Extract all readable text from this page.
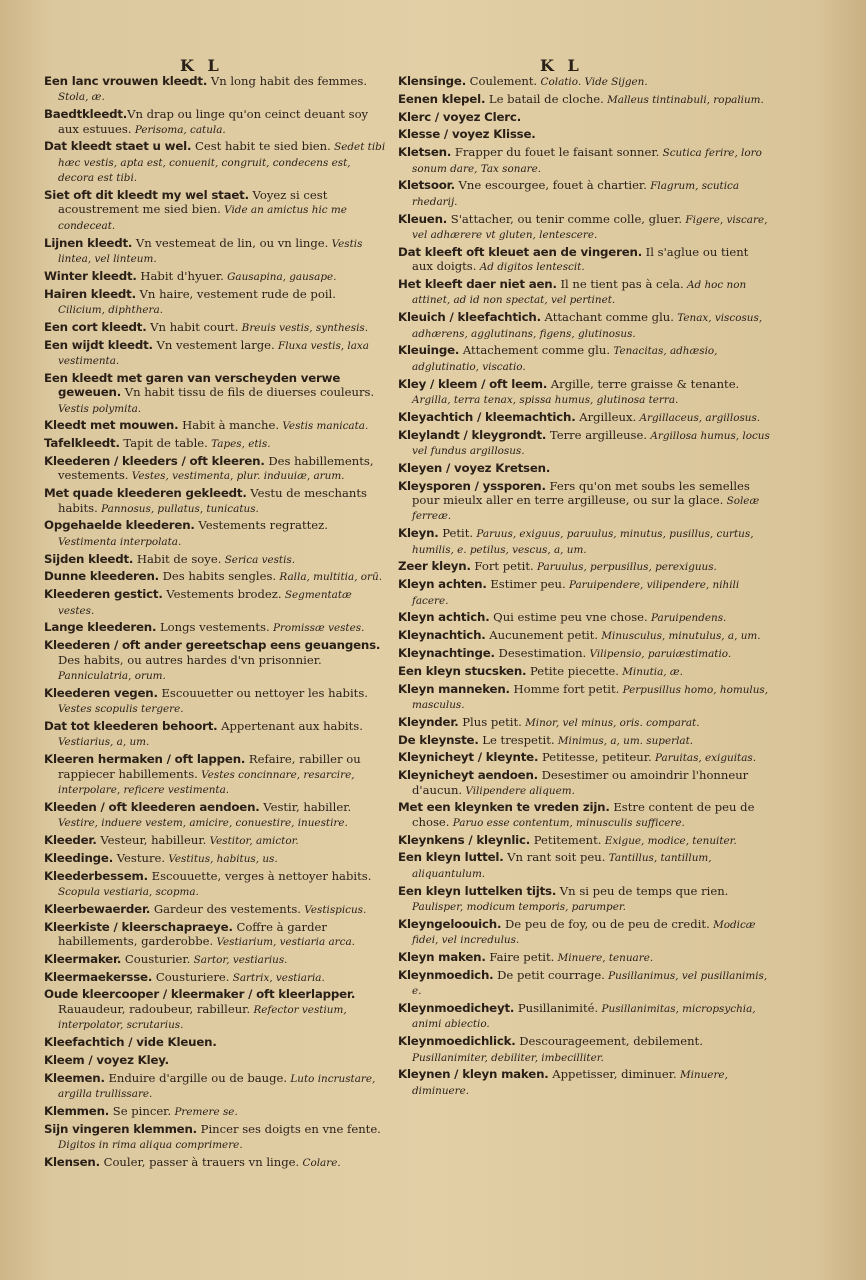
K L	K L

Een lanc vrouwen kleedt. Vn long habit des femmes. Stola, æ.

Baedtkleedt.Vn drap ou linge qu'on ceinct deuant soy aux estuues. Perisoma, catula.

Dat kleedt staet u wel. Cest habit te sied bien. Sedet tibi hæc vestis, apta est, conuenit, congruit, condecens est, decora est tibi.

Siet oft dit kleedt my wel staet. Voyez si cest acoustrement me sied bien. Vide an amictus hic me condeceat.

Lijnen kleedt. Vn vestemeat de lin, ou vn linge. Vestis lintea, vel linteum.

Winter kleedt. Habit d'hyuer. Gausapina, gausape.

Hairen kleedt. Vn haire, vestement rude de poil. Cilicium, diphthera.

Een cort kleedt. Vn habit court. Breuis vestis, synthesis.

Een wijdt kleedt. Vn vestement large. Fluxa vestis, laxa vestimenta.

Een kleedt met garen van verscheyden verwe geweuen. Vn habit tissu de fils de diuerses couleurs. Vestis polymita.

Kleedt met mouwen. Habit à manche. Vestis manicata.

Tafelkleedt. Tapit de table. Tapes, etis.

Kleederen / kleeders / oft kleeren. Des habillements, vestements. Vestes, vestimenta, plur. induuiæ, arum.

Met quade kleederen gekleedt. Vestu de meschants habits. Pannosus, pullatus, tunicatus.

Opgehaelde kleederen. Vestements regrattez. Vestimenta interpolata.

Sijden kleedt. Habit de soye. Serica vestis.

Dunne kleederen. Des habits sengles. Ralla, multitia, orū.

Kleederen gestict. Vestements brodez. Segmentatæ vestes.

Lange kleederen. Longs vestements. Promissæ vestes.

Kleederen / oft ander gereetschap eens geuangens. Des habits, ou autres hardes d'vn prisonnier. Panniculatria, orum.

Kleederen vegen. Escouuetter ou nettoyer les habits. Vestes scopulis tergere.

Dat tot kleederen behoort. Appertenant aux habits. Vestiarius, a, um.

Kleeren hermaken / oft lappen. Refaire, rabiller ou rappiecer habillements. Vestes concinnare, resarcire, interpolare, reficere vestimenta.

Kleeden / oft kleederen aendoen. Vestir, habiller. Vestire, induere vestem, amicire, conuestire, inuestire.

Kleeder. Vesteur, habilleur. Vestitor, amictor.

Kleedinge. Vesture. Vestitus, habitus, us.

Kleederbessem. Escouuette, verges à nettoyer habits. Scopula vestiaria, scopma.

Kleerbewaerder. Gardeur des vestements. Vestispicus.

Kleerkiste / kleerschapraeye. Coffre à garder habillements, garderobbe. Vestiarium, vestiaria arca.

Kleermaker. Cousturier. Sartor, vestiarius.

Kleermaekersse. Cousturiere. Sartrix, vestiaria.

Oude kleercooper / kleermaker / oft kleerlapper. Rauaudeur, radoubeur, rabilleur. Refector vestium, interpolator, scrutarius.

Kleefachtich / vide Kleuen.

Kleem / voyez Kley.

Kleemen. Enduire d'argille ou de bauge. Luto incrustare, argilla trullissare.

Klemmen. Se pincer. Premere se.

Sijn vingeren klemmen. Pincer ses doigts en vne fente. Digitos in rima aliqua comprimere.

Klensen. Couler, passer à trauers vn linge. Colare.

Klensinge. Coulement. Colatio. Vide Sijgen.

Eenen klepel. Le batail de cloche. Malleus tintinabuli, ropalium.

Klerc / voyez Clerc.

Klesse / voyez Klisse.

Kletsen. Frapper du fouet le faisant sonner. Scutica ferire, loro sonum dare, Tax sonare.

Kletsoor. Vne escourgee, fouet à chartier. Flagrum, scutica rhedarij.

Kleuen. S'attacher, ou tenir comme colle, gluer. Figere, viscare, vel adhærere vt gluten, lentescere.

Dat kleeft oft kleuet aen de vingeren. Il s'aglue ou tient aux doigts. Ad digitos lentescit.

Het kleeft daer niet aen. Il ne tient pas à cela. Ad hoc non attinet, ad id non spectat, vel pertinet.

Kleuich / kleefachtich. Attachant comme glu. Tenax, viscosus, adhærens, agglutinans, figens, glutinosus.

Kleuinge. Attachement comme glu. Tenacitas, adhæsio, adglutinatio, viscatio.

Kley / kleem / oft leem. Argille, terre graisse & tenante. Argilla, terra tenax, spissa humus, glutinosa terra.

Kleyachtich / kleemachtich. Argilleux. Argillaceus, argillosus.

Kleylandt / kleygrondt. Terre argilleuse. Argillosa humus, locus vel fundus argillosus.

Kleyen / voyez Kretsen.

Kleysporen / yssporen. Fers qu'on met soubs les semelles pour mieulx aller en terre argilleuse, ou sur la glace. Soleæ ferreæ.

Kleyn. Petit. Paruus, exiguus, paruulus, minutus, pusillus, curtus, humilis, e. petilus, vescus, a, um.

Zeer kleyn. Fort petit. Paruulus, perpusillus, perexiguus.

Kleyn achten. Estimer peu. Paruipendere, vilipendere, nihili facere.

Kleyn achtich. Qui estime peu vne chose. Paruipendens.

Kleynachtich. Aucunement petit. Minusculus, minutulus, a, um.

Kleynachtinge. Desestimation. Vilipensio, paruiæstimatio.

Een kleyn stucsken. Petite piecette. Minutia, æ.

Kleyn manneken. Homme fort petit. Perpusillus homo, homulus, masculus.

Kleynder. Plus petit. Minor, vel minus, oris. comparat.

De kleynste. Le trespetit. Minimus, a, um. superlat.

Kleynicheyt / kleynte. Petitesse, petiteur. Paruitas, exiguitas.

Kleynicheyt aendoen. Desestimer ou amoindrir l'honneur d'aucun. Vilipendere aliquem.

Met een kleynken te vreden zijn. Estre content de peu de chose. Paruo esse contentum, minusculis sufficere.

Kleynkens / kleynlic. Petitement. Exigue, modice, tenuiter.

Een kleyn luttel. Vn rant soit peu. Tantillus, tantillum, aliquantulum.

Een kleyn luttelken tijts. Vn si peu de temps que rien. Paulisper, modicum temporis, parumper.

Kleyngeloouich. De peu de foy, ou de peu de credit. Modicæ fidei, vel incredulus.

Kleyn maken. Faire petit. Minuere, tenuare.

Kleynmoedich. De petit courrage. Pusillanimus, vel pusillanimis, e.

Kleynmoedicheyt. Pusillanimité. Pusillanimitas, micropsychia, animi abiectio.

Kleynmoedichlick. Descourageement, debilement. Pusillanimiter, debiliter, imbecilliter.

Kleynen / kleyn maken. Appetisser, diminuer. Minuere, diminuere.
